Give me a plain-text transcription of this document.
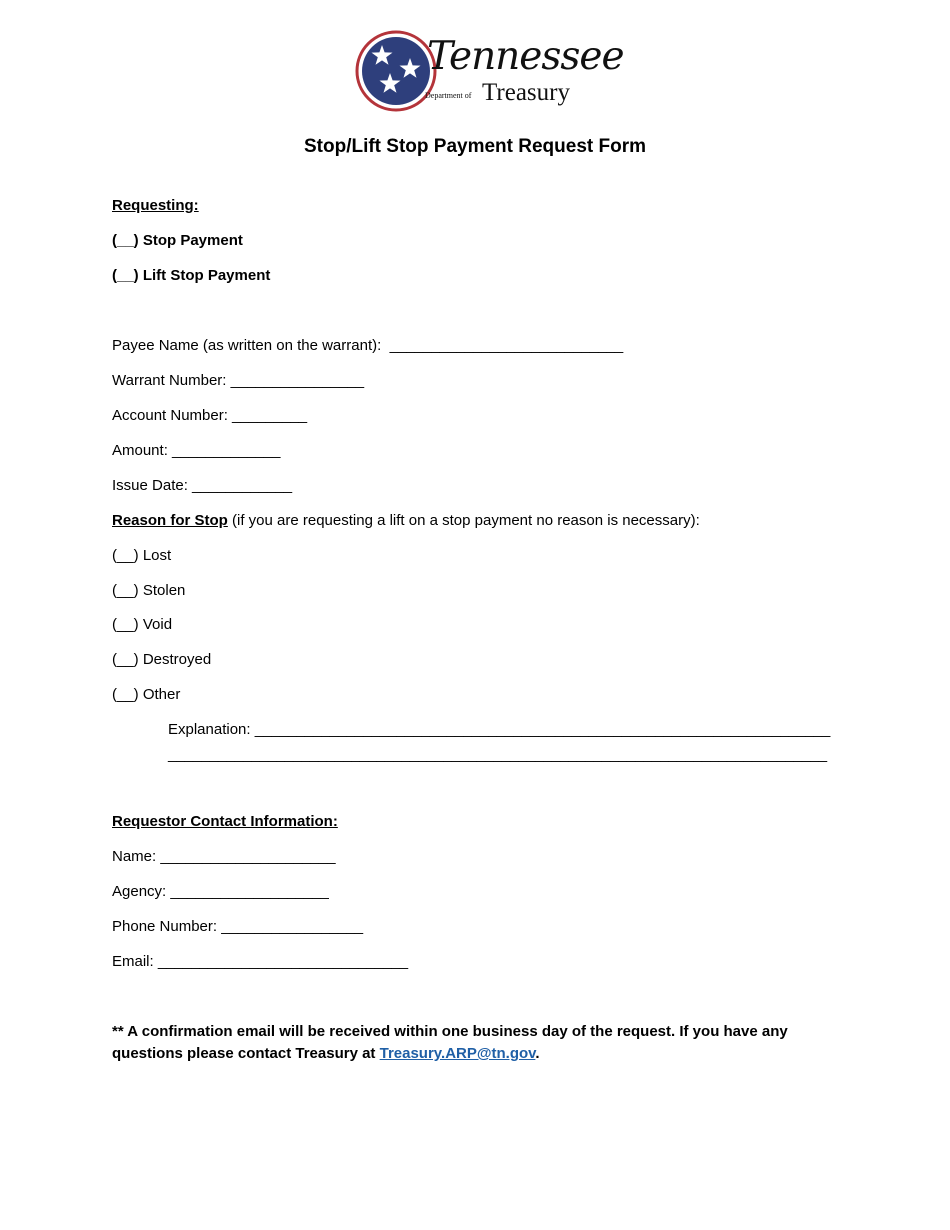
Tennessee
Department of Treasury
Stop/Lift Stop Payment Request Form

Requesting:

(__) Stop Payment

(__) Lift Stop Payment

Payee Name (as written on the warrant):  ____________________________

Warrant Number: ________________

Account Number: _________

Amount: _____________

Issue Date: ____________

Reason for Stop (if you are requesting a lift on a stop payment no reason is necessary):

(__) Lost

(__) Stolen

(__) Void

(__) Destroyed

(__) Other

Explanation: _____________________________________________________________________

_______________________________________________________________________________

Requestor Contact Information:

Name: _____________________

Agency: ___________________

Phone Number: _________________

Email: ______________________________

** A confirmation email will be received within one business day of the request. If you have any questions please contact Treasury at Treasury.ARP@tn.gov.
